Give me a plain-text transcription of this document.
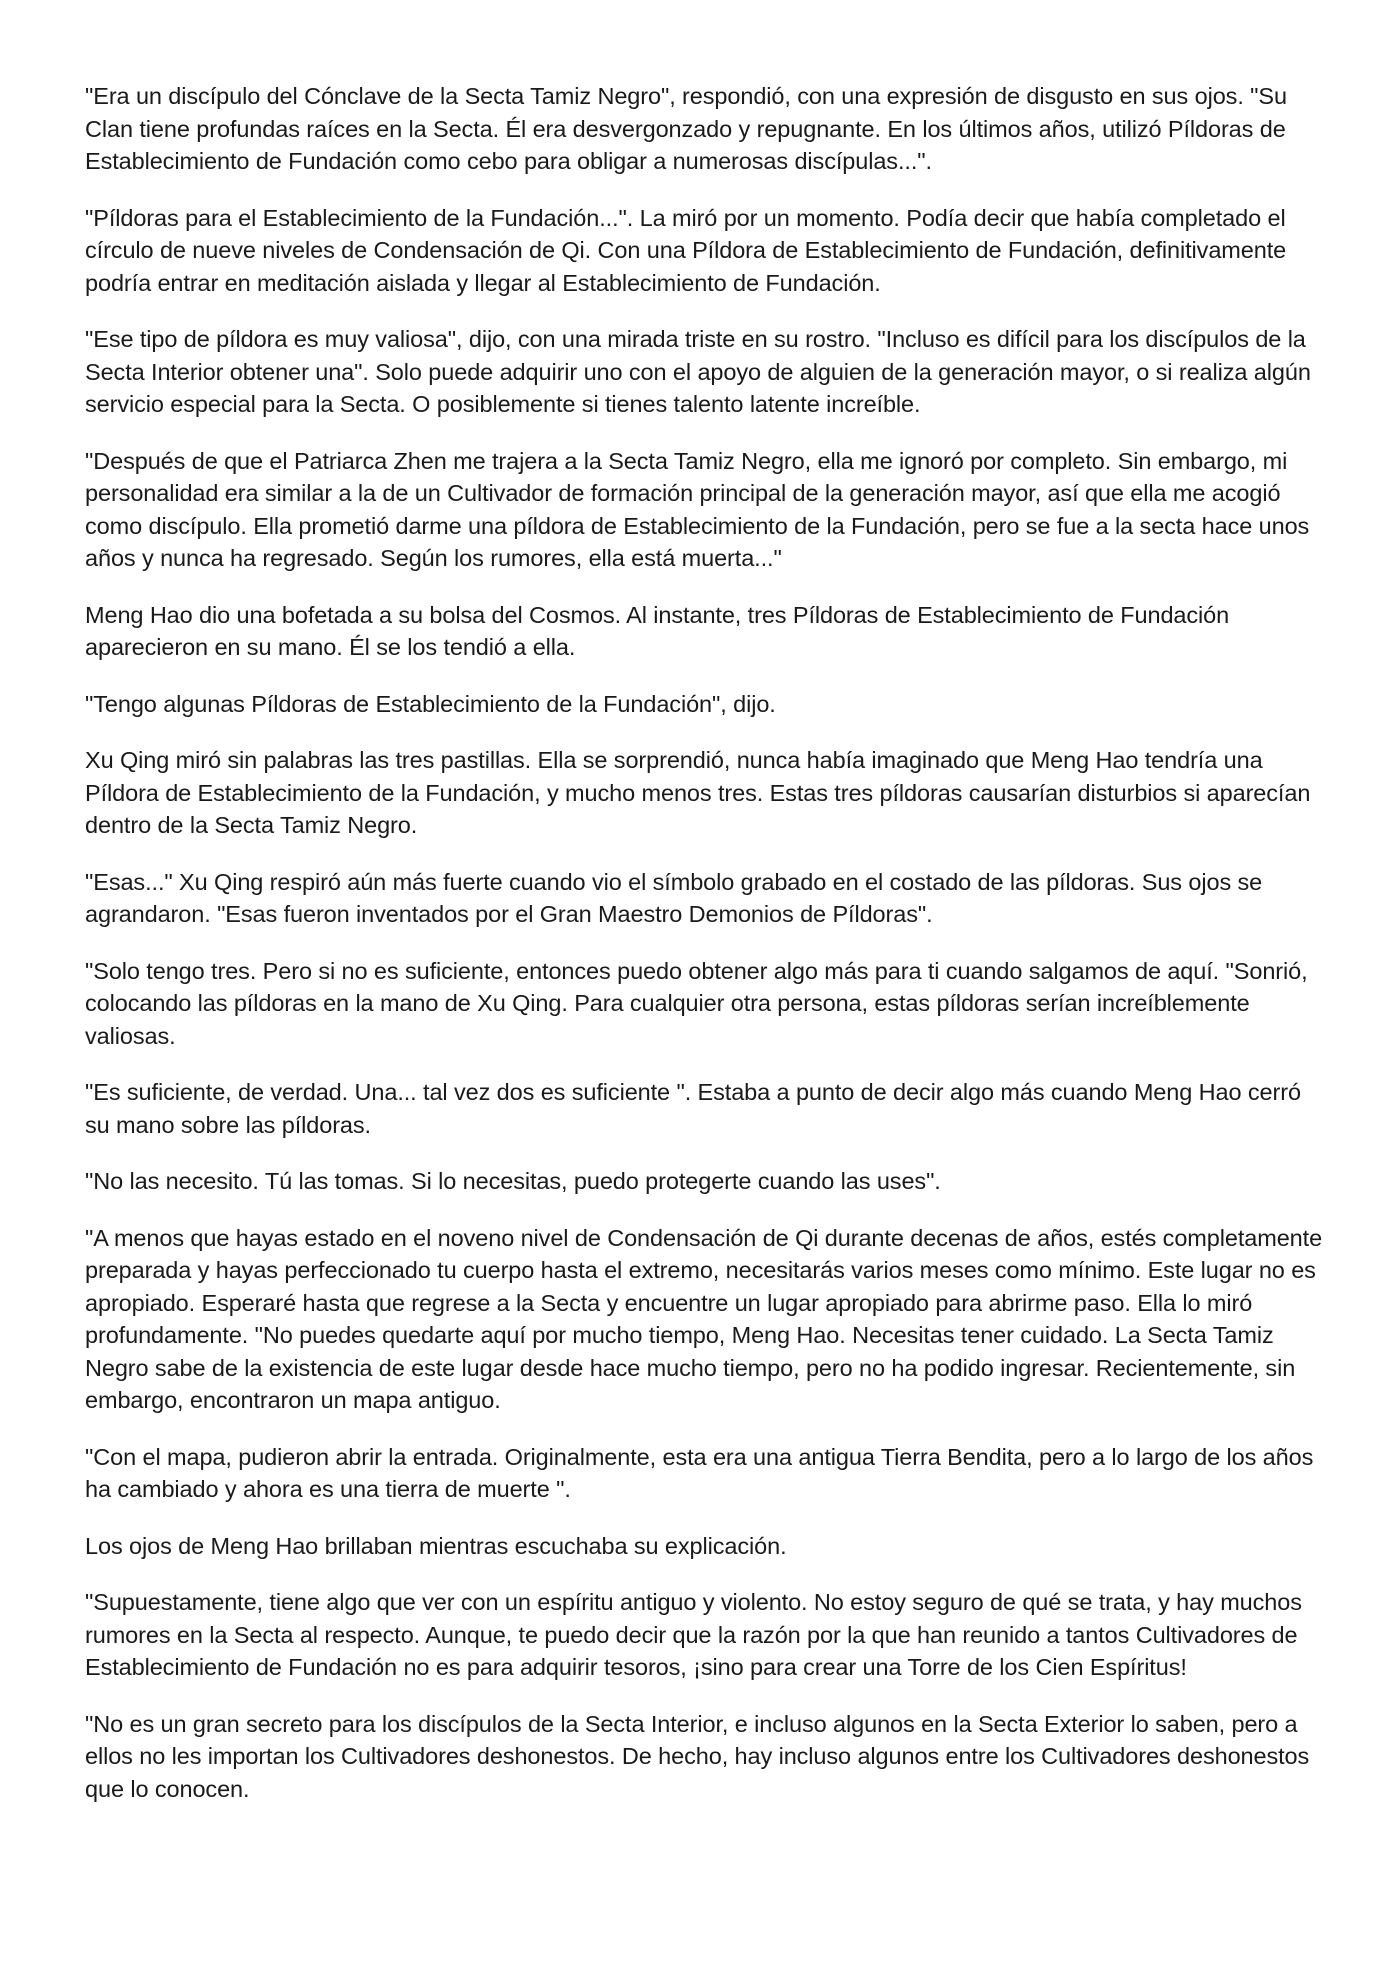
"Era un discípulo del Cónclave de la Secta Tamiz Negro", respondió, con una expresión de disgusto en sus ojos. "Su Clan tiene profundas raíces en la Secta. Él era desvergonzado y repugnante. En los últimos años, utilizó Píldoras de Establecimiento de Fundación como cebo para obligar a numerosas discípulas...".

"Píldoras para el Establecimiento de la Fundación...". La miró por un momento. Podía decir que había completado el círculo de nueve niveles de Condensación de Qi. Con una Píldora de Establecimiento de Fundación, definitivamente podría entrar en meditación aislada y llegar al Establecimiento de Fundación.

"Ese tipo de píldora es muy valiosa", dijo, con una mirada triste en su rostro. "Incluso es difícil para los discípulos de la Secta Interior obtener una". Solo puede adquirir uno con el apoyo de alguien de la generación mayor, o si realiza algún servicio especial para la Secta. O posiblemente si tienes talento latente increíble.

"Después de que el Patriarca Zhen me trajera a la Secta Tamiz Negro, ella me ignoró por completo. Sin embargo, mi personalidad era similar a la de un Cultivador de formación principal de la generación mayor, así que ella me acogió como discípulo. Ella prometió darme una píldora de Establecimiento de la Fundación, pero se fue a la secta hace unos años y nunca ha regresado. Según los rumores, ella está muerta..."

Meng Hao dio una bofetada a su bolsa del Cosmos. Al instante, tres Píldoras de Establecimiento de Fundación aparecieron en su mano. Él se los tendió a ella.

"Tengo algunas Píldoras de Establecimiento de la Fundación", dijo.

Xu Qing miró sin palabras las tres pastillas. Ella se sorprendió, nunca había imaginado que Meng Hao tendría una Píldora de Establecimiento de la Fundación, y mucho menos tres. Estas tres píldoras causarían disturbios si aparecían dentro de la Secta Tamiz Negro.

"Esas..." Xu Qing respiró aún más fuerte cuando vio el símbolo grabado en el costado de las píldoras. Sus ojos se agrandaron. "Esas fueron inventados por el Gran Maestro Demonios de Píldoras".

"Solo tengo tres. Pero si no es suficiente, entonces puedo obtener algo más para ti cuando salgamos de aquí. "Sonrió, colocando las píldoras en la mano de Xu Qing. Para cualquier otra persona, estas píldoras serían increíblemente valiosas.

"Es suficiente, de verdad. Una... tal vez dos es suficiente ". Estaba a punto de decir algo más cuando Meng Hao cerró su mano sobre las píldoras.

"No las necesito. Tú las tomas. Si lo necesitas, puedo protegerte cuando las uses".

"A menos que hayas estado en el noveno nivel de Condensación de Qi durante decenas de años, estés completamente preparada y hayas perfeccionado tu cuerpo hasta el extremo, necesitarás varios meses como mínimo. Este lugar no es apropiado. Esperaré hasta que regrese a la Secta y encuentre un lugar apropiado para abrirme paso. Ella lo miró profundamente. "No puedes quedarte aquí por mucho tiempo, Meng Hao. Necesitas tener cuidado. La Secta Tamiz Negro sabe de la existencia de este lugar desde hace mucho tiempo, pero no ha podido ingresar. Recientemente, sin embargo, encontraron un mapa antiguo.

"Con el mapa, pudieron abrir la entrada. Originalmente, esta era una antigua Tierra Bendita, pero a lo largo de los años ha cambiado y ahora es una tierra de muerte ".

Los ojos de Meng Hao brillaban mientras escuchaba su explicación.

"Supuestamente, tiene algo que ver con un espíritu antiguo y violento. No estoy seguro de qué se trata, y hay muchos rumores en la Secta al respecto. Aunque, te puedo decir que la razón por la que han reunido a tantos Cultivadores de Establecimiento de Fundación no es para adquirir tesoros, ¡sino para crear una Torre de los Cien Espíritus!

"No es un gran secreto para los discípulos de la Secta Interior, e incluso algunos en la Secta Exterior lo saben, pero a ellos no les importan los Cultivadores deshonestos. De hecho, hay incluso algunos entre los Cultivadores deshonestos que lo conocen.
